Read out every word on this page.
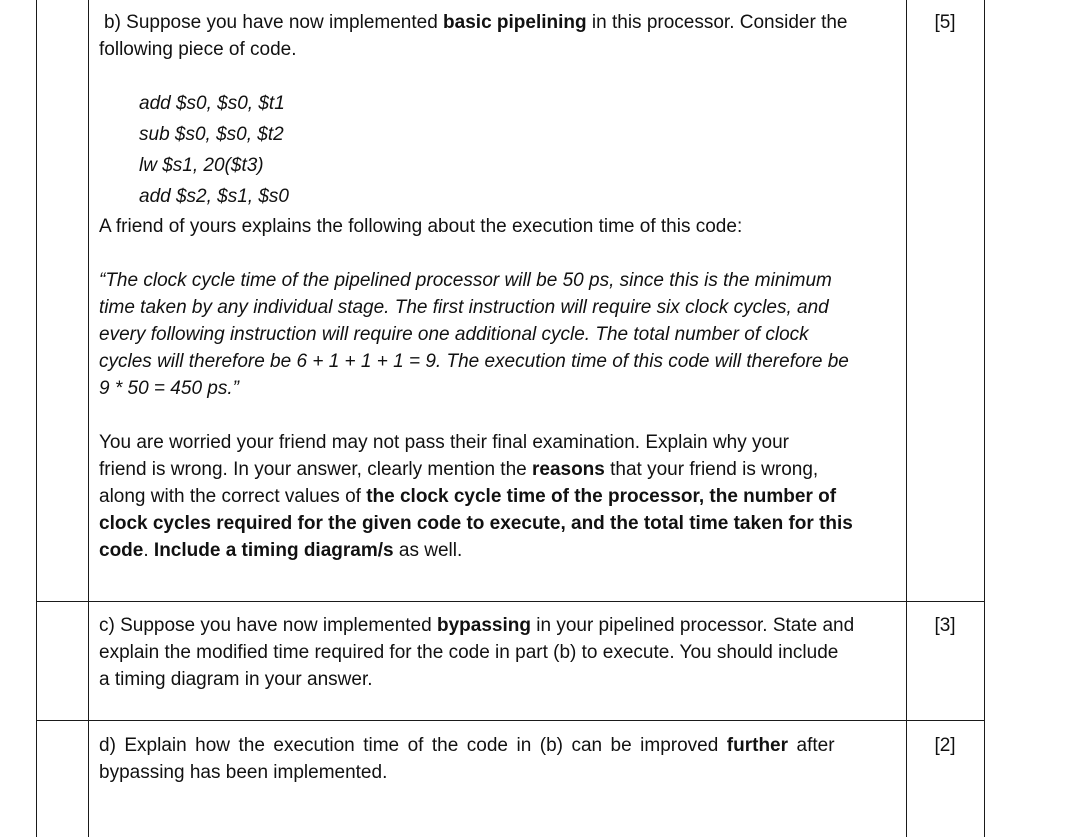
b) Suppose you have now implemented basic pipelining in this processor. Consider the

following piece of code.

[5]
add $s0, $s0, $t1
sub $s0, $s0, $t2
lw $s1, 20($t3)
add $s2, $s1, $s0
A friend of yours explains the following about the execution time of this code:

“The clock cycle time of the pipelined processor will be 50 ps, since this is the minimum

time taken by any individual stage. The first instruction will require six clock cycles, and

every following instruction will require one additional cycle. The total number of clock

cycles will therefore be 6 + 1 + 1 + 1 = 9. The execution time of this code will therefore be

9 * 50 = 450 ps.”

You are worried your friend may not pass their final examination. Explain why your

friend is wrong. In your answer, clearly mention the reasons that your friend is wrong,

along with the correct values of the clock cycle time of the processor, the number of

clock cycles required for the given code to execute, and the total time taken for this

code. Include a timing diagram/s as well.

c) Suppose you have now implemented bypassing in your pipelined processor. State and

explain the modified time required for the code in part (b) to execute. You should include

a timing diagram in your answer.

[3]

d) Explain how the execution time of the code in (b) can be improved further after

bypassing has been implemented.

[2]
